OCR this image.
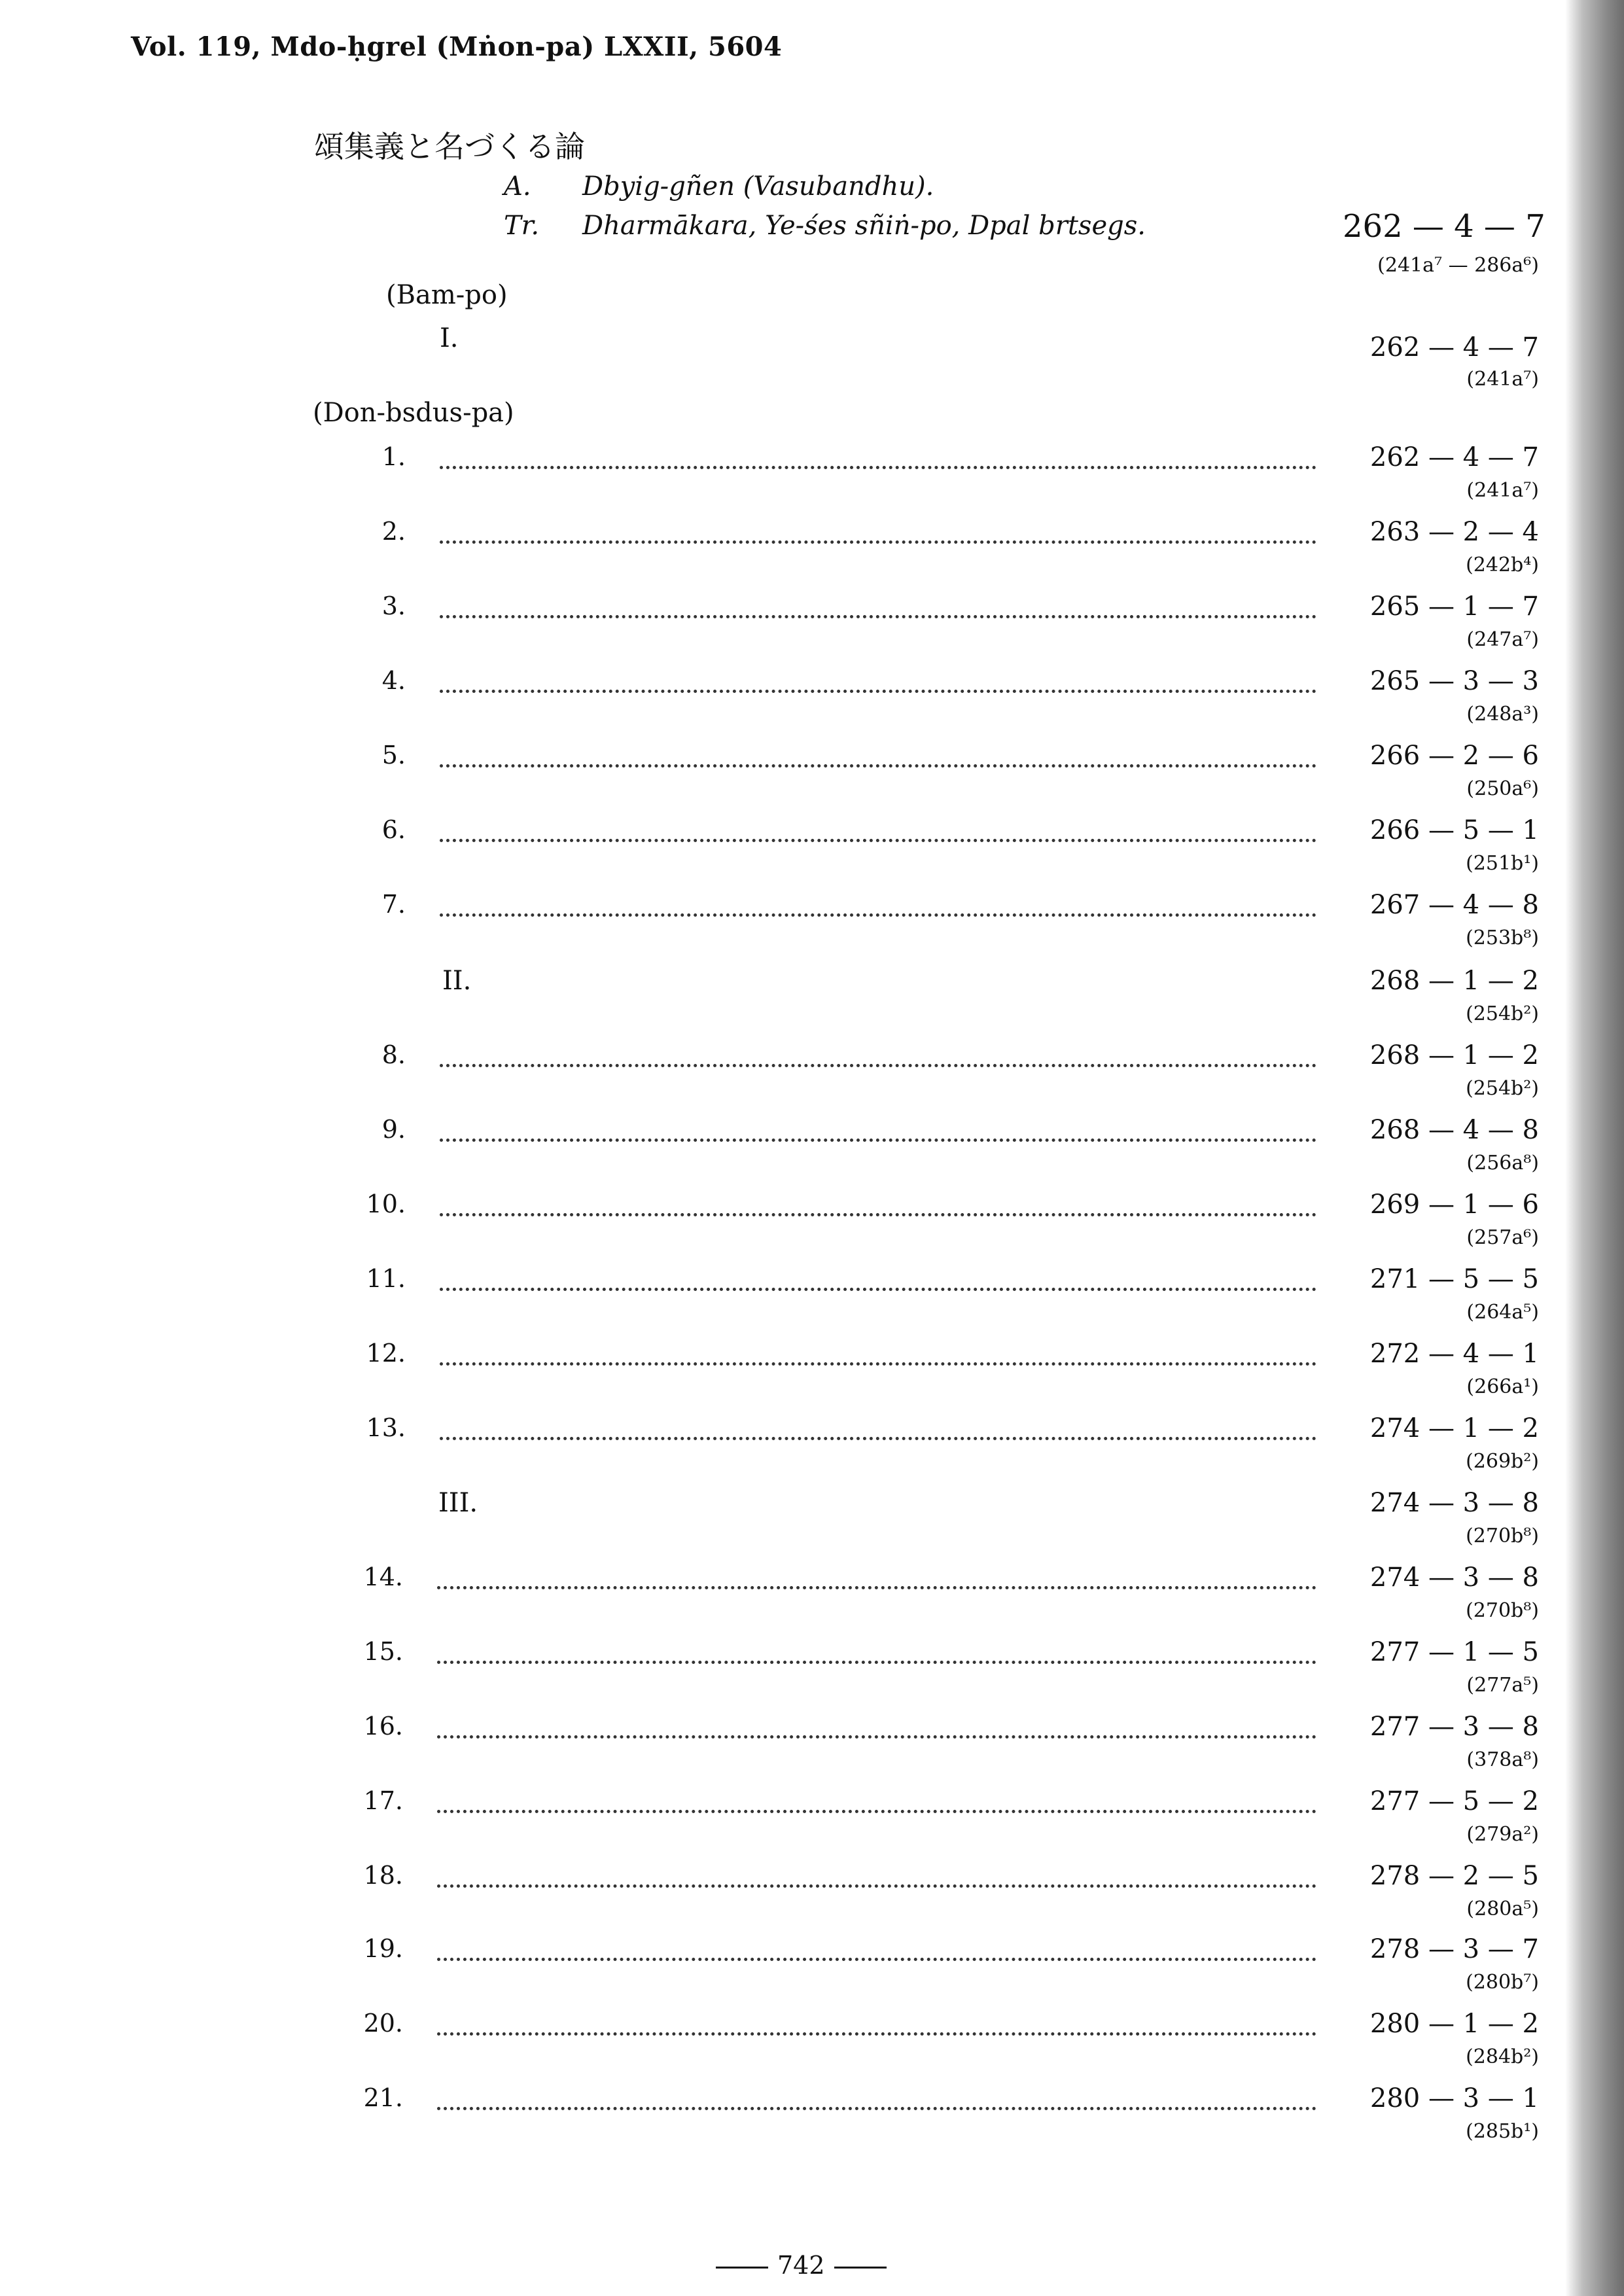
Vol. 119, Mdo-ḥgrel (Mṅon-pa) LXXII, 5604
頌集義と名づくる論
A. Dbyig-gñen (Vasubandhu).
Tr. Dharmākara, Ye-śes sñiṅ-po, Dpal brtsegs.	262 — 4 — 7
(241a⁷ — 286a⁶)
(Bam-po)
I.	262 — 4 — 7
(241a⁷)
(Don-bsdus-pa)
1.	262 — 4 — 7
(241a⁷)
2.	263 — 2 — 4
(242b⁴)
3.	265 — 1 — 7
(247a⁷)
4.	265 — 3 — 3
(248a³)
5.	266 — 2 — 6
(250a⁶)
6.	266 — 5 — 1
(251b¹)
7.	267 — 4 — 8
(253b⁸)
II.	268 — 1 — 2
(254b²)
8.	268 — 1 — 2
(254b²)
9.	268 — 4 — 8
(256a⁸)
10.	269 — 1 — 6
(257a⁶)
11.	271 — 5 — 5
(264a⁵)
12.	272 — 4 — 1
(266a¹)
13.	274 — 1 — 2
(269b²)
III.	274 — 3 — 8
(270b⁸)
14.	274 — 3 — 8
(270b⁸)
15.	277 — 1 — 5
(277a⁵)
16.	277 — 3 — 8
(378a⁸)
17.	277 — 5 — 2
(279a²)
18.	278 — 2 — 5
(280a⁵)
19.	278 — 3 — 7
(280b⁷)
20.	280 — 1 — 2
(284b²)
21.	280 — 3 — 1
(285b¹)
742
